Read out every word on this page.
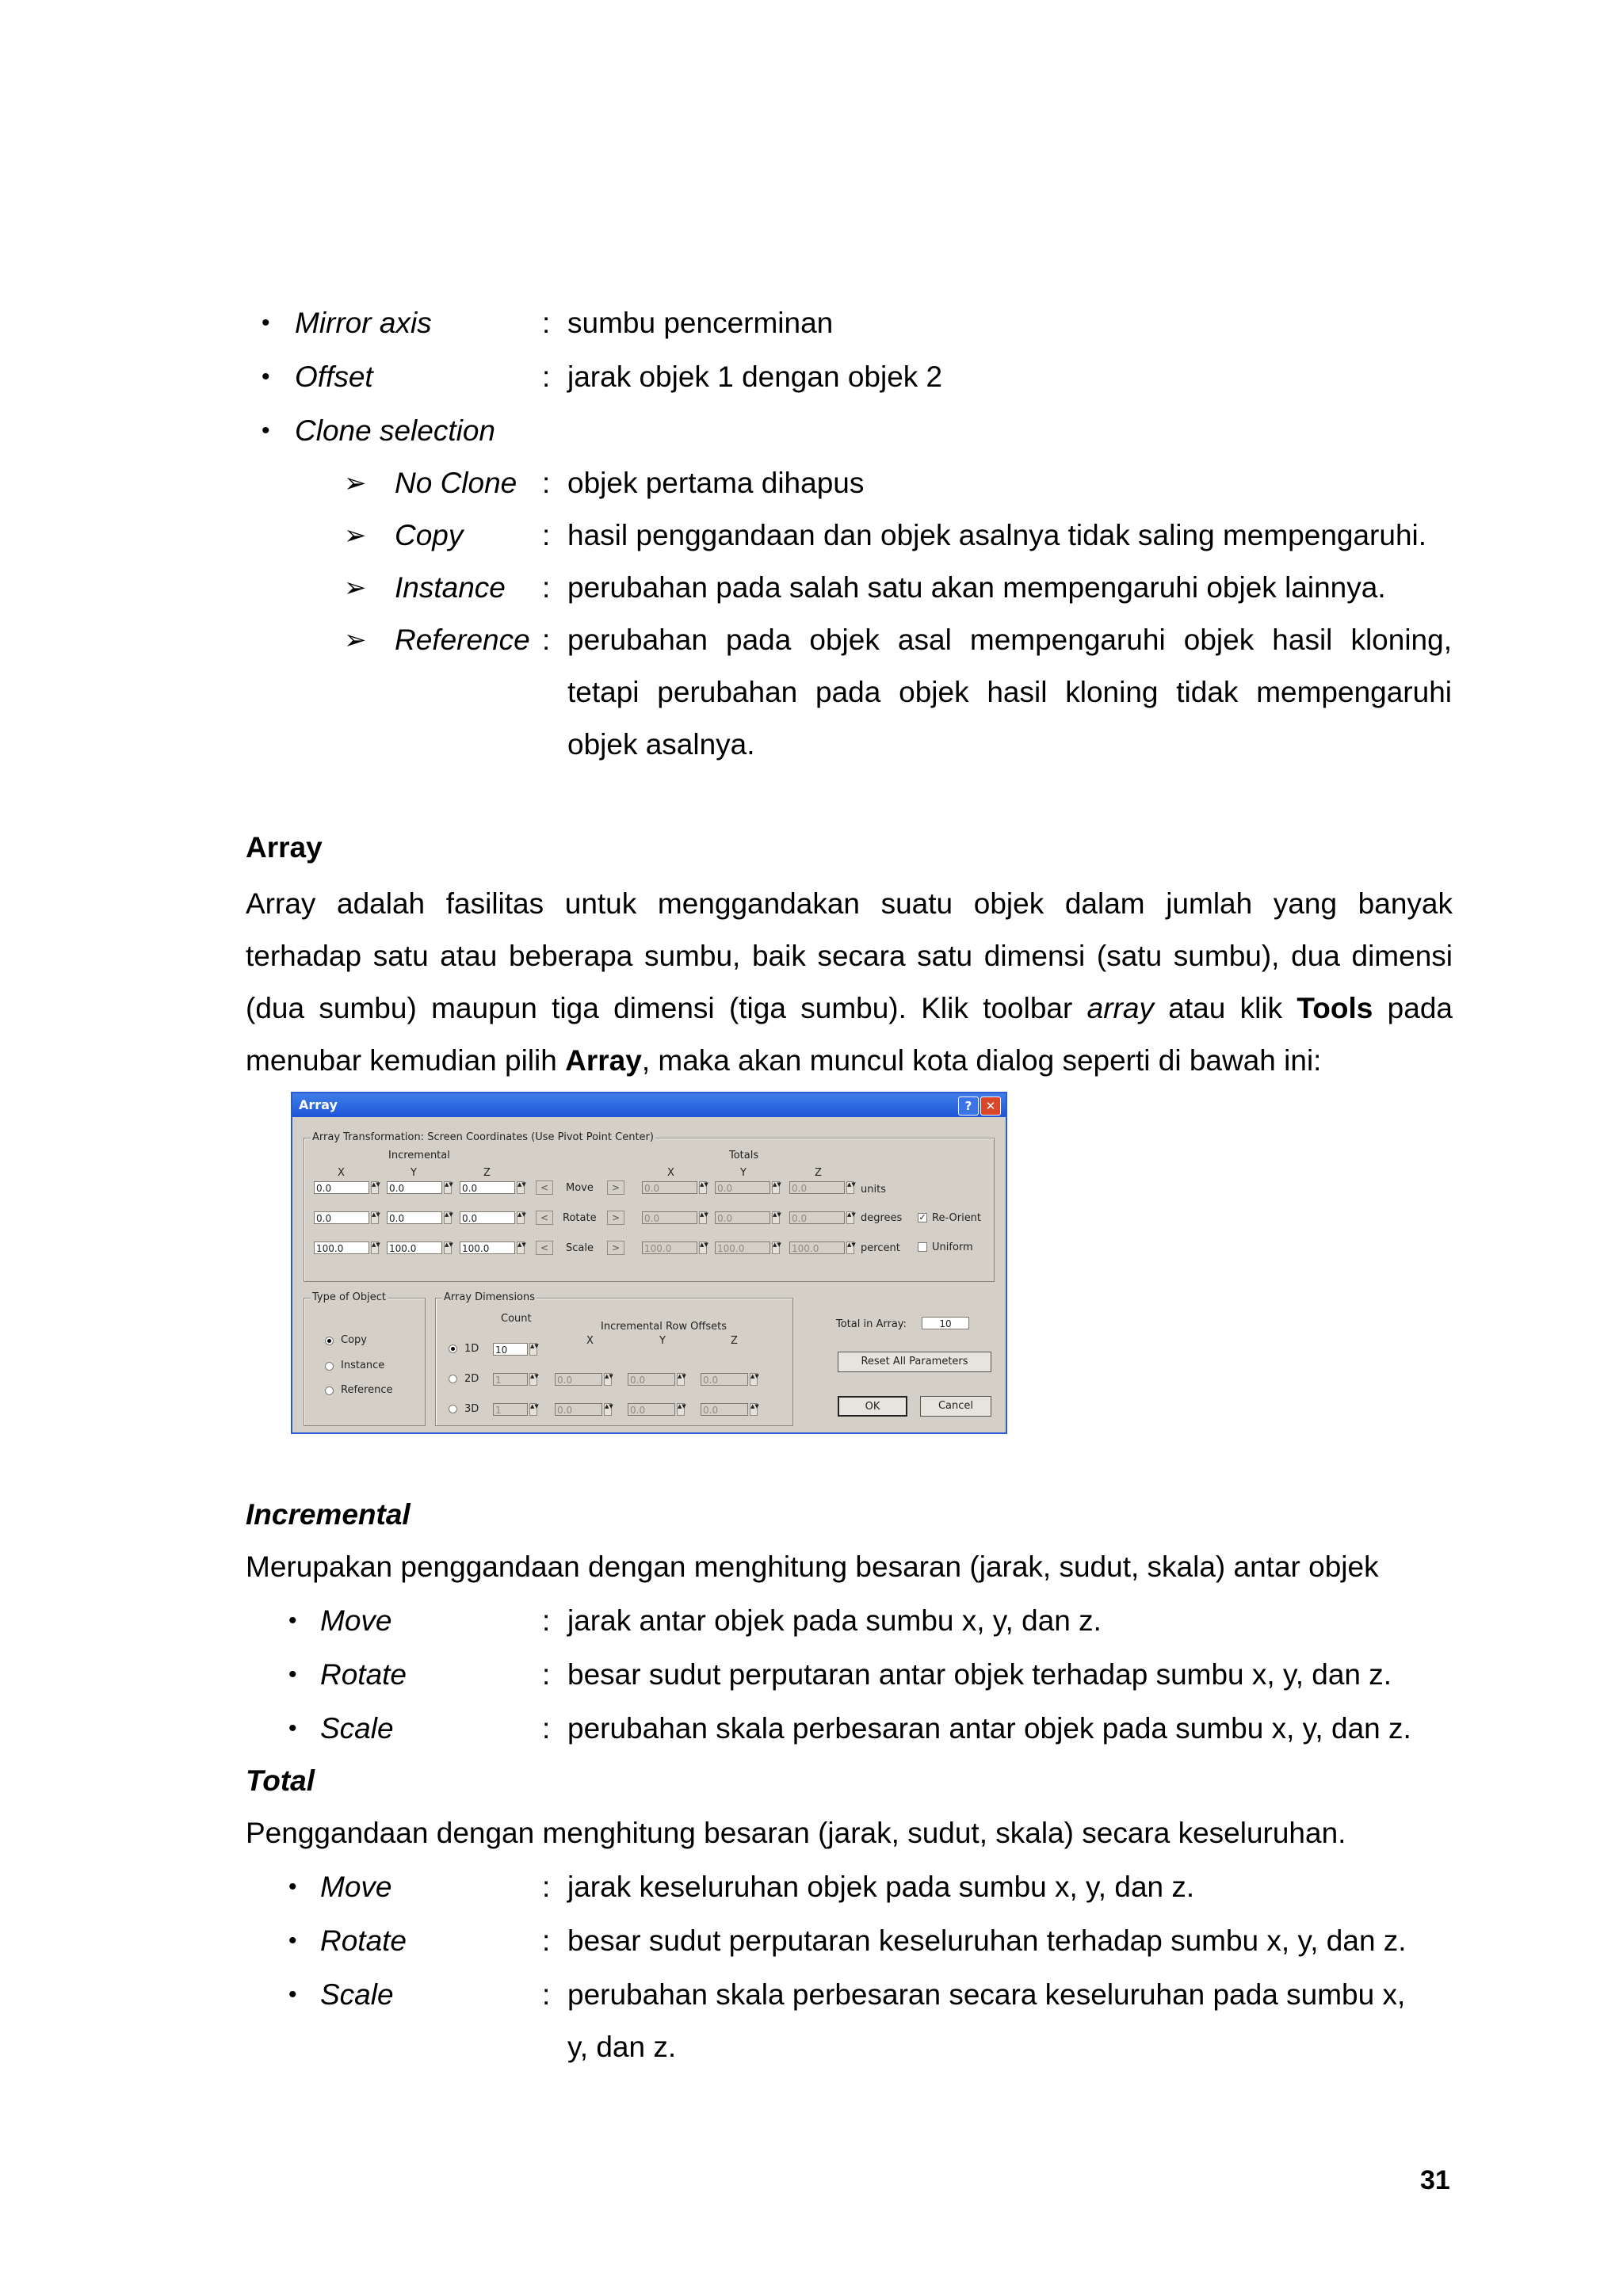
• Mirror axis	: sumbu pencerminan
• Offset	: jarak objek 1 dengan objek 2
• Clone selection
➢ No Clone : objek pertama dihapus
➢ Copy	: hasil penggandaan dan objek asalnya tidak saling mempengaruhi.
➢ Instance : perubahan pada salah satu akan mempengaruhi objek lainnya.
➢ Reference : perubahan pada objek asal mempengaruhi objek hasil kloning,
tetapi perubahan pada objek hasil kloning tidak mempengaruhi
objek asalnya.
Array
Array adalah fasilitas untuk menggandakan suatu objek dalam jumlah yang banyak
terhadap satu atau beberapa sumbu, baik secara satu dimensi (satu sumbu), dua dimensi
(dua sumbu) maupun tiga dimensi (tiga sumbu). Klik toolbar array atau klik Tools pada
menubar kemudian pilih Array, maka akan muncul kota dialog seperti di bawah ini:
Array	?	✕
Array Transformation: Screen Coordinates (Use Pivot Point Center)
Incremental	Totals
X	Y	Z	X	Y	Z
0.0	▲▼ 0.0	▲▼ 0.0	▲▼	<	Move	>	0.0	▲▼ 0.0	▲▼ 0.0	▲▼ units
0.0	▲▼ 0.0	▲▼ 0.0	▲▼	<	Rotate	>	0.0	▲▼ 0.0	▲▼ 0.0	▲▼ degrees ✓ Re-Orient
100.0	▲▼ 100.0	▲▼ 100.0	▲▼	<	Scale	>	100.0	▲▼ 100.0	▲▼ 100.0	▲▼ percent	Uniform
Type of Object
Copy
Instance
Reference
Array Dimensions
Count
Incremental Row Offsets
X	Y	Z
1D 10	▲▼
2D 1	▲▼ 0.0	▲▼ 0.0	▲▼ 0.0	▲▼
3D 1	▲▼ 0.0	▲▼ 0.0	▲▼ 0.0	▲▼
Total in Array:	10
Reset All Parameters
OK	Cancel
Incremental
Merupakan penggandaan dengan menghitung besaran (jarak, sudut, skala) antar objek
• Move	: jarak antar objek pada sumbu x, y, dan z.
• Rotate	: besar sudut perputaran antar objek terhadap sumbu x, y, dan z.
• Scale	: perubahan skala perbesaran antar objek pada sumbu x, y, dan z.
Total
Penggandaan dengan menghitung besaran (jarak, sudut, skala) secara keseluruhan.
• Move	: jarak keseluruhan objek pada sumbu x, y, dan z.
• Rotate	: besar sudut perputaran keseluruhan terhadap sumbu x, y, dan z.
• Scale	: perubahan skala perbesaran secara keseluruhan pada sumbu x,
y, dan z.
31
